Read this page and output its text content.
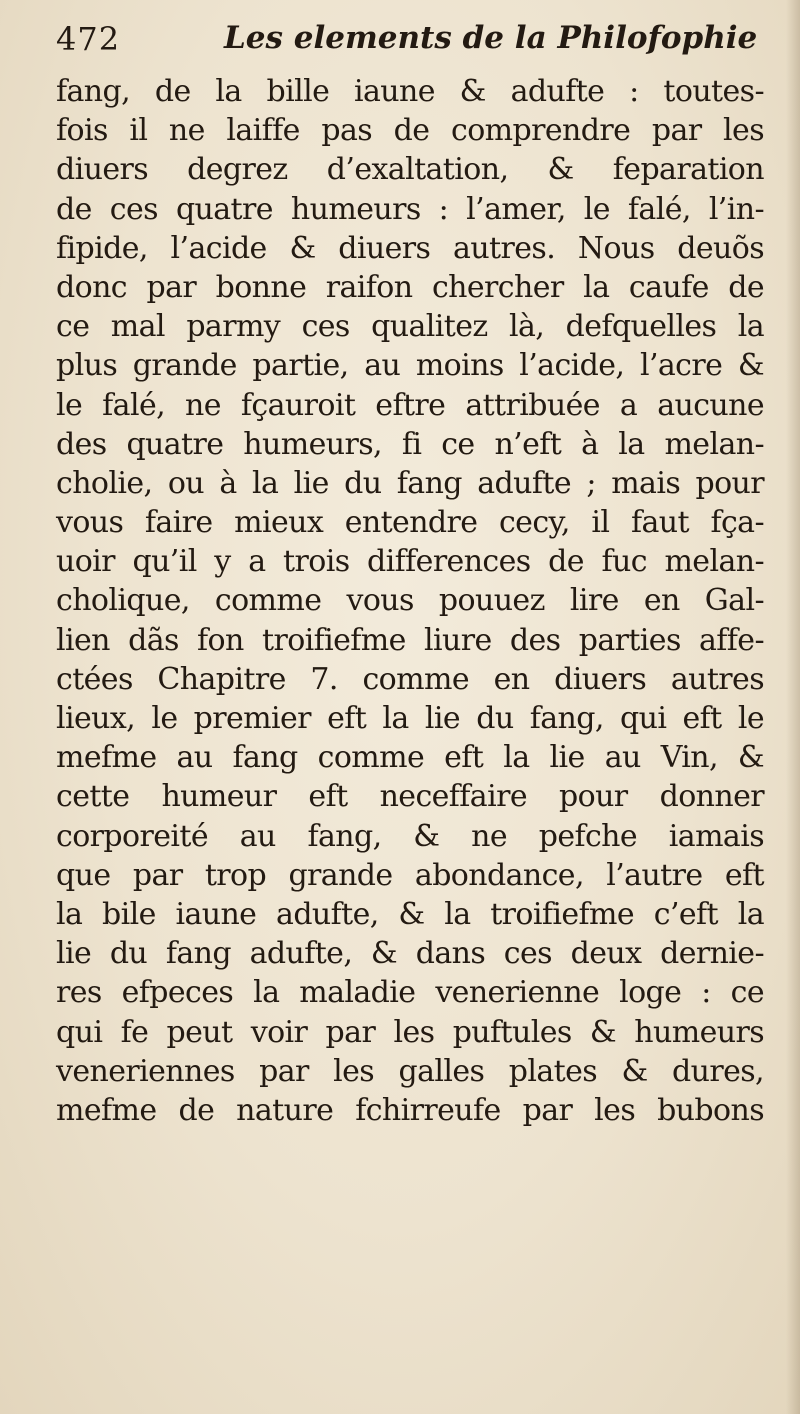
472	Les elements de la Philofophie
fang, de la bille iaune & adufte : toutes-
fois il ne laiffe pas de comprendre par les
diuers degrez d’exaltation, & feparation
de ces quatre humeurs : l’amer, le falé, l’in-
fipide, l’acide & diuers autres. Nous deuõs
donc par bonne raifon chercher la caufe de
ce mal parmy ces qualitez là, defquelles la
plus grande partie, au moins l’acide, l’acre &
le falé, ne fçauroit eftre attribuée a aucune
des quatre humeurs, fi ce n’eft à la melan-
cholie, ou à la lie du fang adufte ; mais pour
vous faire mieux entendre cecy, il faut fça-
uoir qu’il y a trois differences de fuc melan-
cholique, comme vous pouuez lire en Gal-
lien dãs fon troifiefme liure des parties affe-
ctées Chapitre 7. comme en diuers autres
lieux, le premier eft la lie du fang, qui eft le
mefme au fang comme eft la lie au Vin, &
cette humeur eft neceffaire pour donner
corporeité au fang, & ne pefche iamais
que par trop grande abondance, l’autre eft
la bile iaune adufte, & la troifiefme c’eft la
lie du fang adufte, & dans ces deux dernie-
res efpeces la maladie venerienne loge : ce
qui fe peut voir par les puftules & humeurs
veneriennes par les galles plates & dures,
mefme de nature fchirreufe par les bubons
